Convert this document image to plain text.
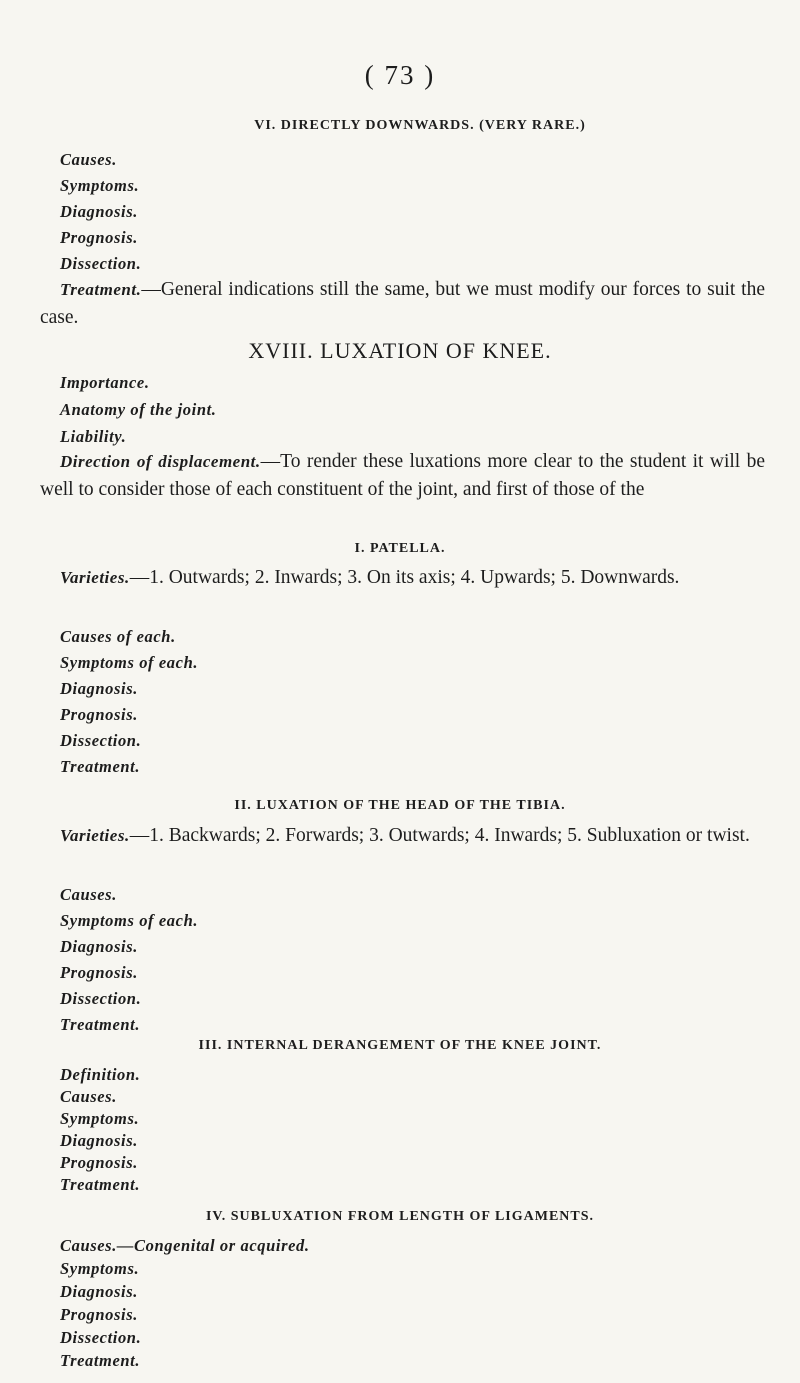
( 73 )
VI. DIRECTLY DOWNWARDS. (VERY RARE.)
Causes.
Symptoms.
Diagnosis.
Prognosis.
Dissection.
Treatment.—General indications still the same, but we must modify our forces to suit the case.
XVIII. LUXATION OF KNEE.
Importance.
Anatomy of the joint.
Liability.
Direction of displacement.—To render these luxations more clear to the student it will be well to consider those of each constituent of the joint, and first of those of the
I. PATELLA.
Varieties.—1. Outwards; 2. Inwards; 3. On its axis; 4. Upwards; 5. Downwards.
Causes of each.
Symptoms of each.
Diagnosis.
Prognosis.
Dissection.
Treatment.
II. LUXATION OF THE HEAD OF THE TIBIA.
Varieties.—1. Backwards; 2. Forwards; 3. Outwards; 4. Inwards; 5. Subluxation or twist.
Causes.
Symptoms of each.
Diagnosis.
Prognosis.
Dissection.
Treatment.
III. INTERNAL DERANGEMENT OF THE KNEE JOINT.
Definition.
Causes.
Symptoms.
Diagnosis.
Prognosis.
Treatment.
IV. SUBLUXATION FROM LENGTH OF LIGAMENTS.
Causes.—Congenital or acquired.
Symptoms.
Diagnosis.
Prognosis.
Dissection.
Treatment.
